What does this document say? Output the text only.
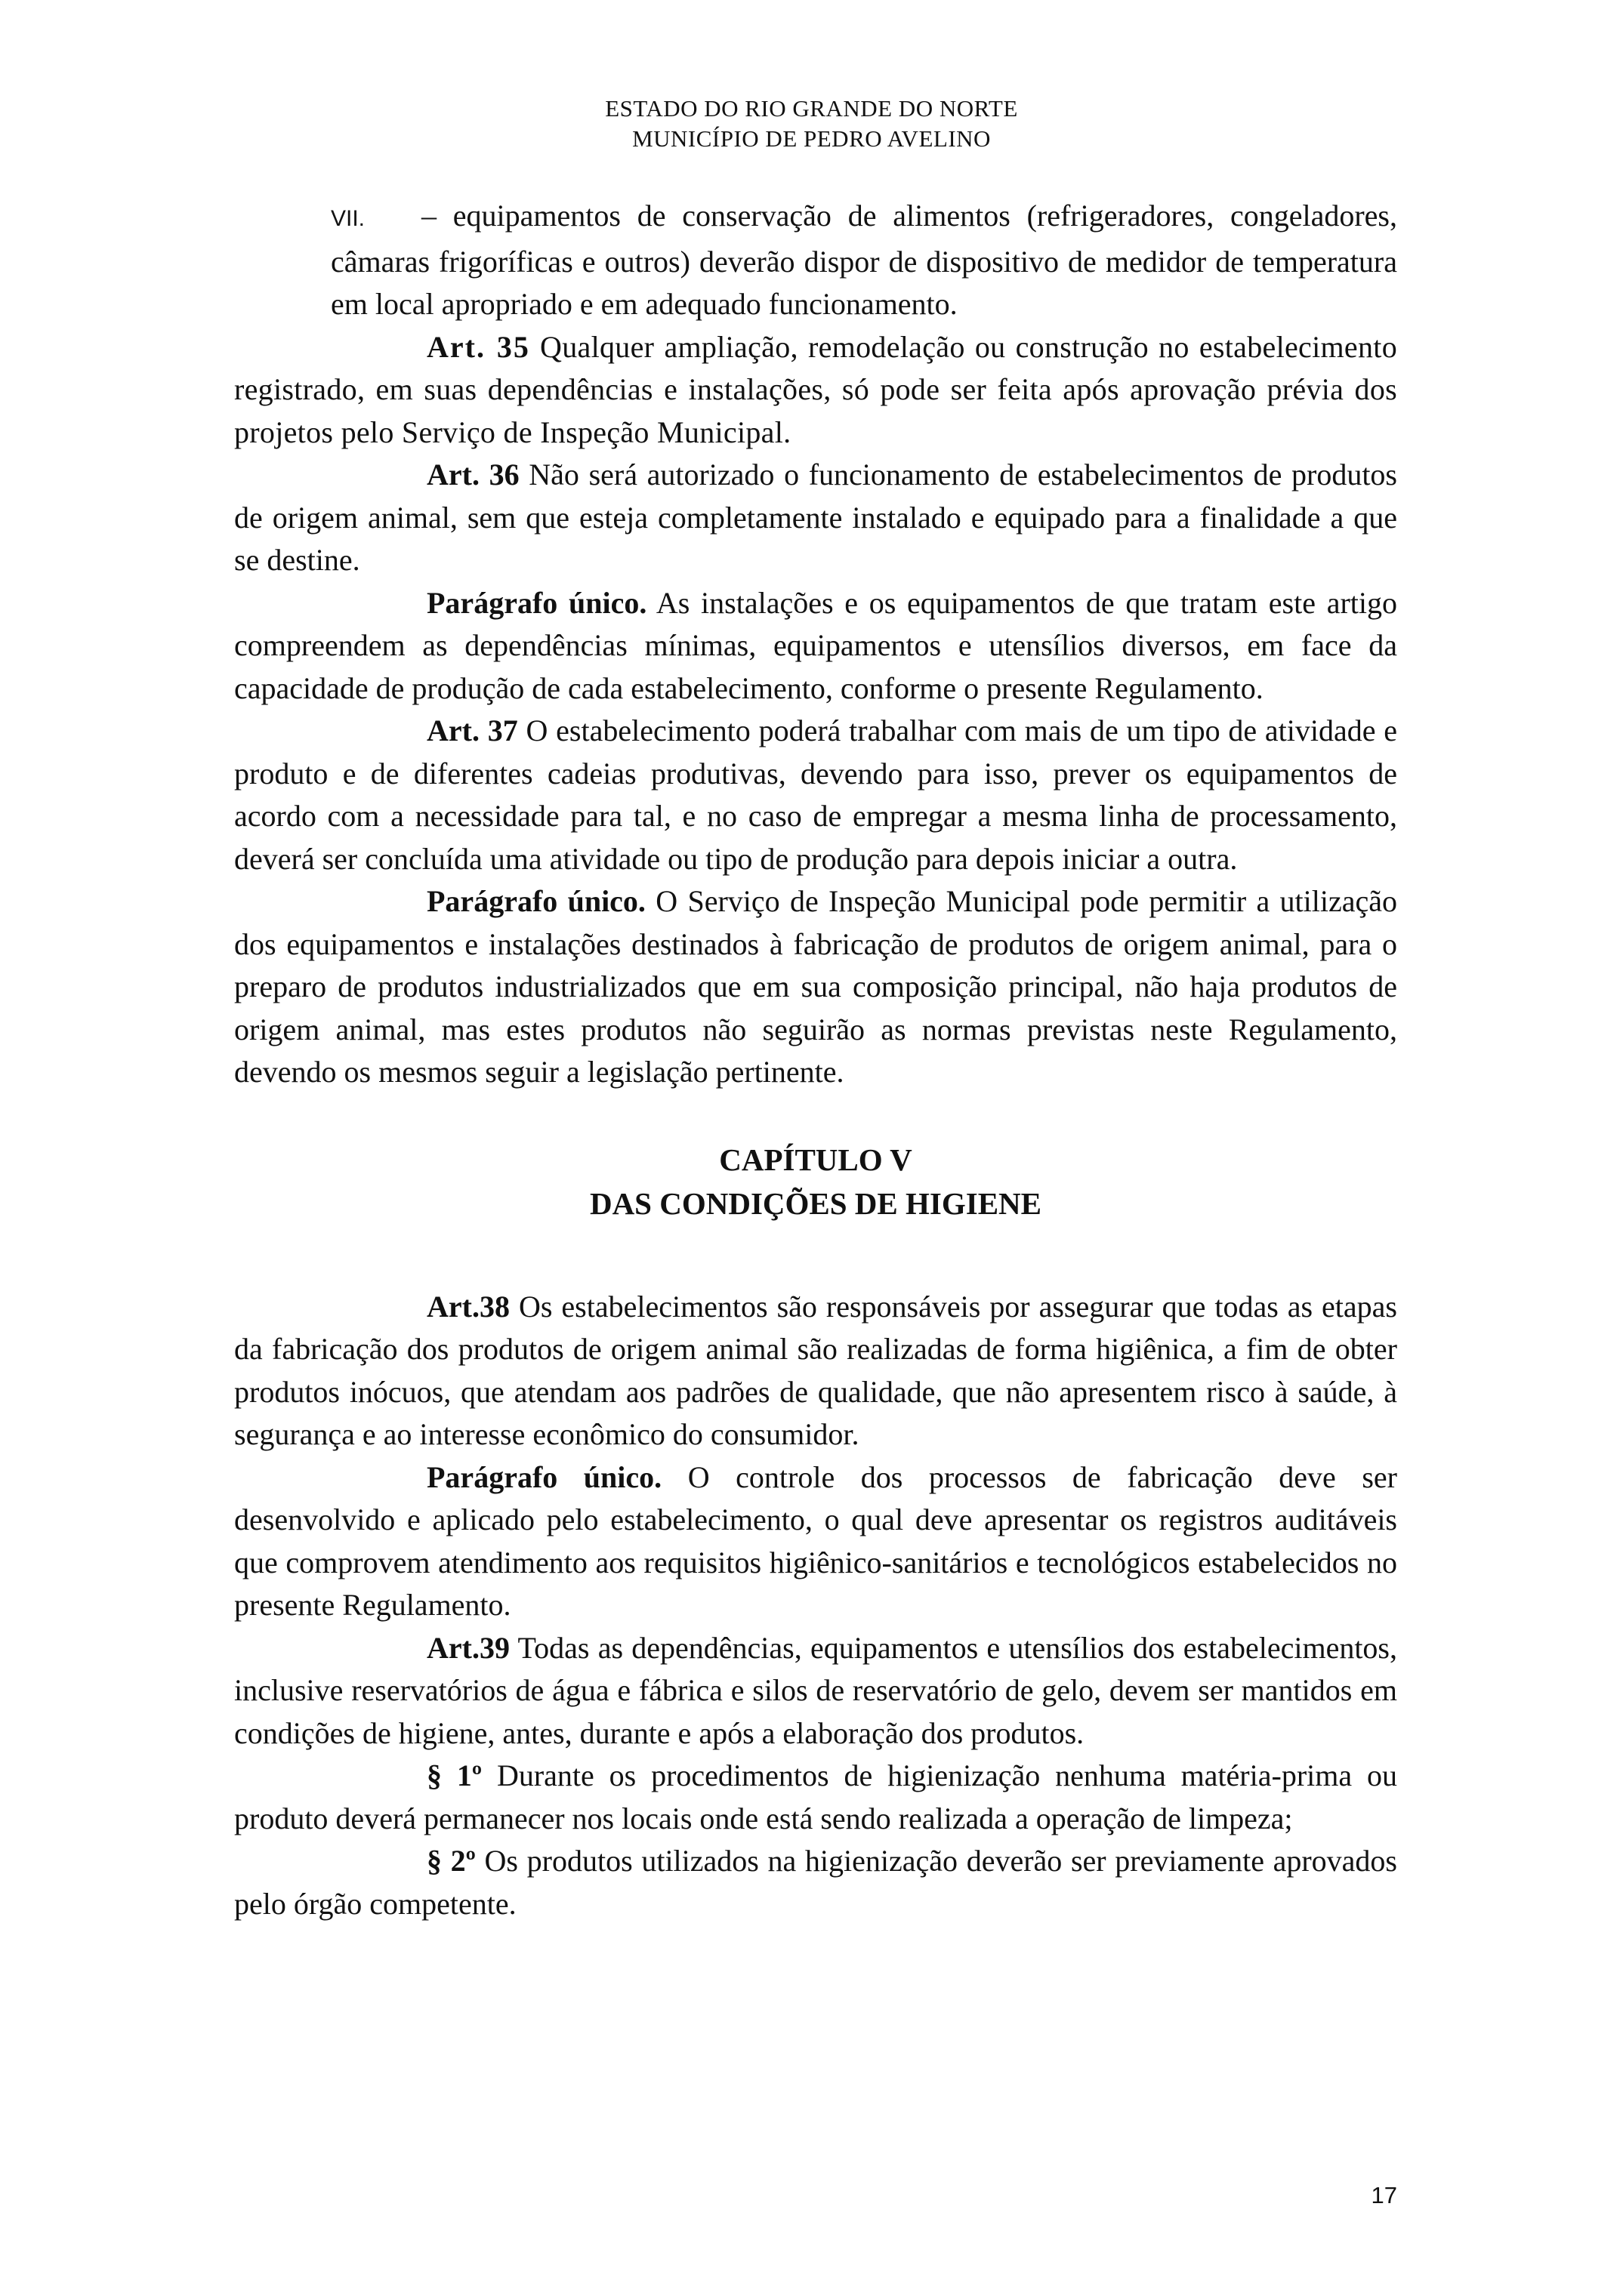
ESTADO DO RIO GRANDE DO NORTE
MUNICÍPIO DE PEDRO AVELINO

VII. – equipamentos de conservação de alimentos (refrigeradores, congeladores, câmaras frigoríficas e outros) deverão dispor de dispositivo de medidor de temperatura em local apropriado e em adequado funcionamento.

Art. 35 Qualquer ampliação, remodelação ou construção no estabelecimento registrado, em suas dependências e instalações, só pode ser feita após aprovação prévia dos projetos pelo Serviço de Inspeção Municipal.

Art. 36 Não será autorizado o funcionamento de estabelecimentos de produtos de origem animal, sem que esteja completamente instalado e equipado para a finalidade a que se destine.

Parágrafo único. As instalações e os equipamentos de que tratam este artigo compreendem as dependências mínimas, equipamentos e utensílios diversos, em face da capacidade de produção de cada estabelecimento, conforme o presente Regulamento.

Art. 37 O estabelecimento poderá trabalhar com mais de um tipo de atividade e produto e de diferentes cadeias produtivas, devendo para isso, prever os equipamentos de acordo com a necessidade para tal, e no caso de empregar a mesma linha de processamento, deverá ser concluída uma atividade ou tipo de produção para depois iniciar a outra.

Parágrafo único. O Serviço de Inspeção Municipal pode permitir a utilização dos equipamentos e instalações destinados à fabricação de produtos de origem animal, para o preparo de produtos industrializados que em sua composição principal, não haja produtos de origem animal, mas estes produtos não seguirão as normas previstas neste Regulamento, devendo os mesmos seguir a legislação pertinente.

CAPÍTULO V
DAS CONDIÇÕES DE HIGIENE

Art.38 Os estabelecimentos são responsáveis por assegurar que todas as etapas da fabricação dos produtos de origem animal são realizadas de forma higiênica, a fim de obter produtos inócuos, que atendam aos padrões de qualidade, que não apresentem risco à saúde, à segurança e ao interesse econômico do consumidor.

Parágrafo único. O controle dos processos de fabricação deve ser desenvolvido e aplicado pelo estabelecimento, o qual deve apresentar os registros auditáveis que comprovem atendimento aos requisitos higiênico-sanitários e tecnológicos estabelecidos no presente Regulamento.

Art.39 Todas as dependências, equipamentos e utensílios dos estabelecimentos, inclusive reservatórios de água e fábrica e silos de reservatório de gelo, devem ser mantidos em condições de higiene, antes, durante e após a elaboração dos produtos.

§ 1º Durante os procedimentos de higienização nenhuma matéria-prima ou produto deverá permanecer nos locais onde está sendo realizada a operação de limpeza;

§ 2º Os produtos utilizados na higienização deverão ser previamente aprovados pelo órgão competente.

17
